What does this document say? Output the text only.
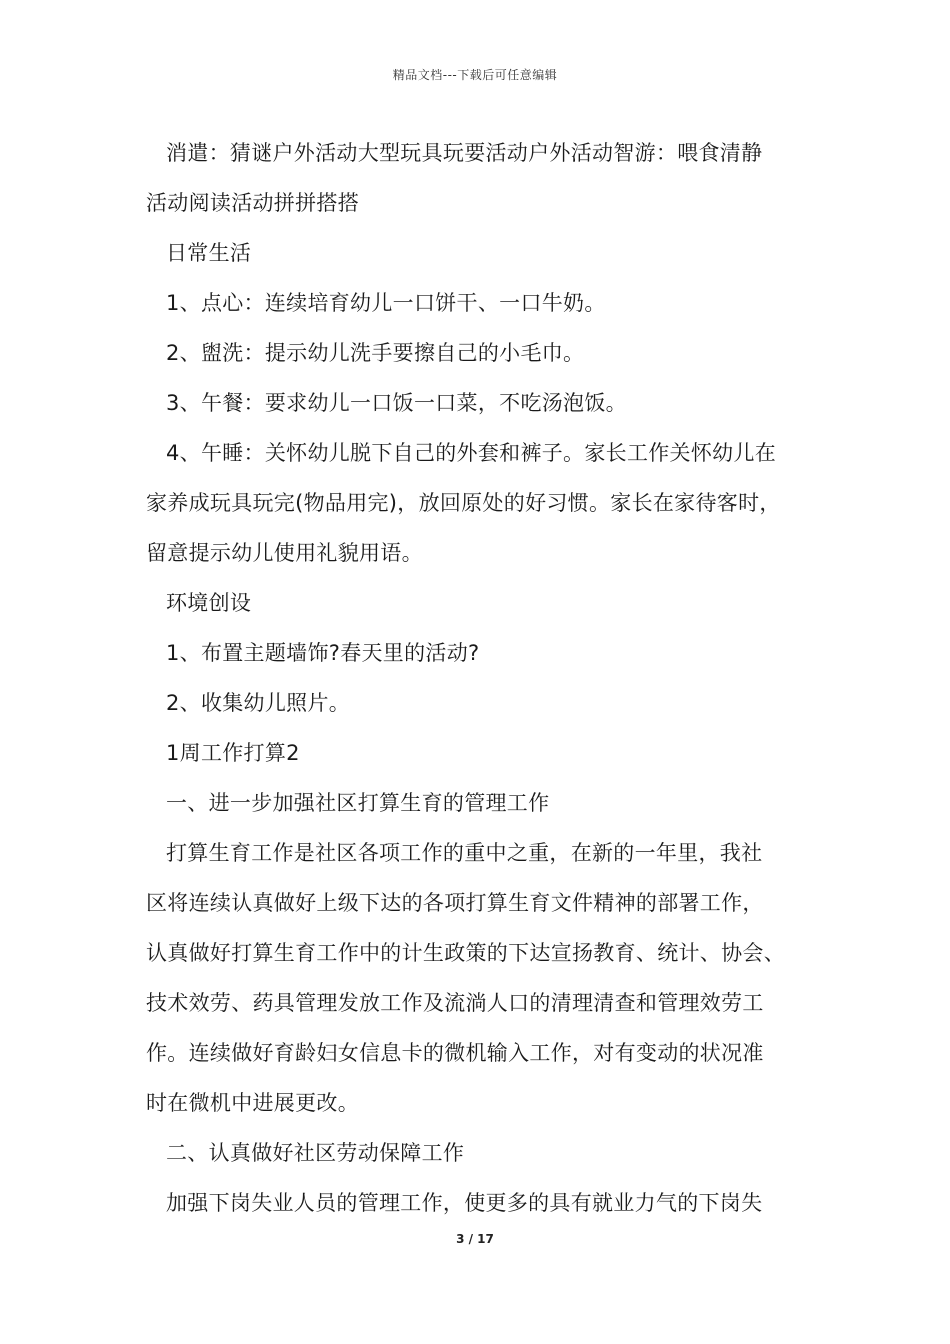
精品文档---下载后可任意编辑
消遣：猜谜户外活动大型玩具玩要活动户外活动智游：喂食清静
活动阅读活动拼拼搭搭
日常生活
1、点心：连续培育幼儿一口饼干、一口牛奶。
2、盥洗：提示幼儿洗手要擦自己的小毛巾。
3、午餐：要求幼儿一口饭一口菜，不吃汤泡饭。
4、午睡：关怀幼儿脱下自己的外套和裤子。家长工作关怀幼儿在
家养成玩具玩完(物品用完)，放回原处的好习惯。家长在家待客时，
留意提示幼儿使用礼貌用语。
环境创设
1、布置主题墙饰?春天里的活动?
2、收集幼儿照片。
1周工作打算2
一、进一步加强社区打算生育的管理工作
打算生育工作是社区各项工作的重中之重，在新的一年里，我社
区将连续认真做好上级下达的各项打算生育文件精神的部署工作，
认真做好打算生育工作中的计生政策的下达宣扬教育、统计、协会、
技术效劳、药具管理发放工作及流淌人口的清理清查和管理效劳工
作。连续做好育龄妇女信息卡的微机输入工作，对有变动的状况准
时在微机中进展更改。
二、认真做好社区劳动保障工作
加强下岗失业人员的管理工作，使更多的具有就业力气的下岗失
3 / 17
